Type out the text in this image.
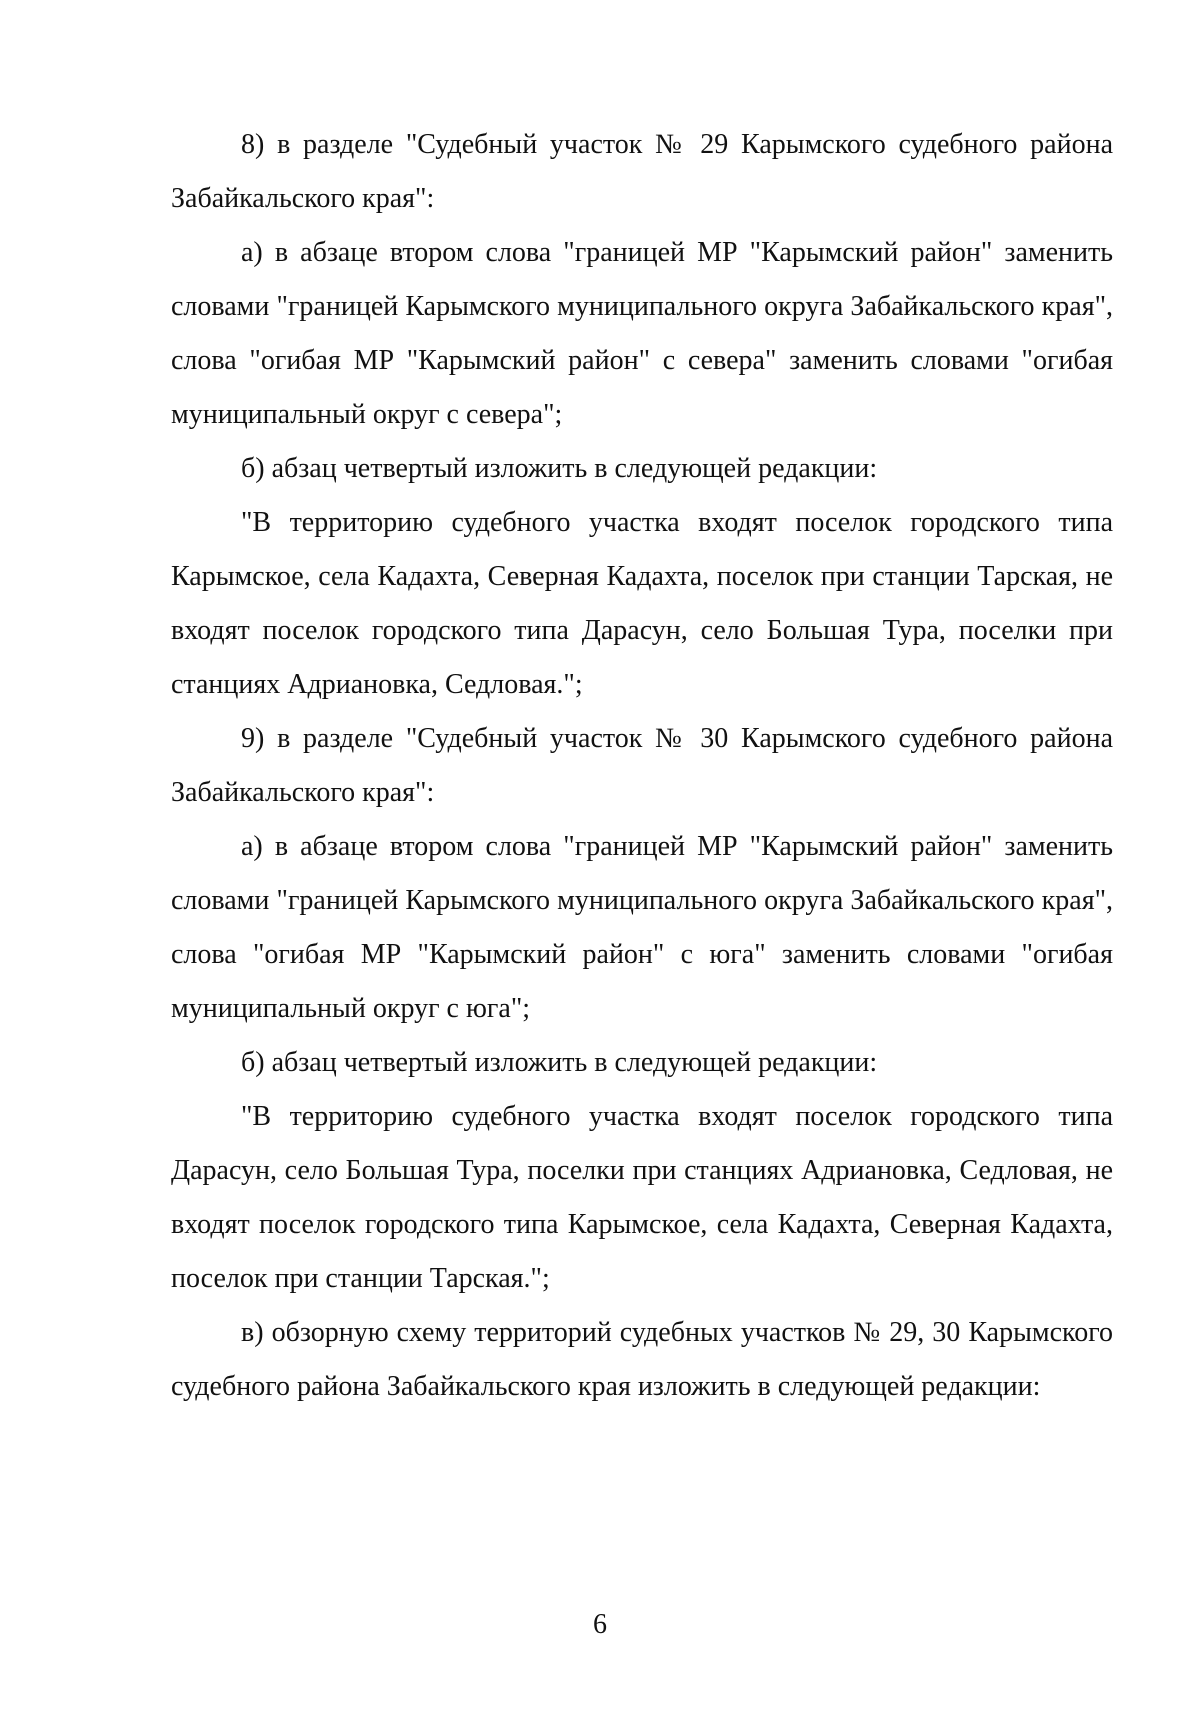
8) в разделе "Судебный участок № 29 Карымского судебного района Забайкальского края":

а) в абзаце втором слова "границей МР "Карымский район" заменить словами "границей Карымского муниципального округа Забайкальского края", слова "огибая МР "Карымский район" с севера" заменить словами "огибая муниципальный округ с севера";

б) абзац четвертый изложить в следующей редакции:

"В территорию судебного участка входят поселок городского типа Карымское, села Кадахта, Северная Кадахта, поселок при станции Тарская, не входят поселок городского типа Дарасун, село Большая Тура, поселки при станциях Адриановка, Седловая.";

9) в разделе "Судебный участок № 30 Карымского судебного района Забайкальского края":

а) в абзаце втором слова "границей МР "Карымский район" заменить словами "границей Карымского муниципального округа Забайкальского края", слова "огибая МР "Карымский район" с юга" заменить словами "огибая муниципальный округ с юга";

б) абзац четвертый изложить в следующей редакции:

"В территорию судебного участка входят поселок городского типа Дарасун, село Большая Тура, поселки при станциях Адриановка, Седловая, не входят поселок городского типа Карымское, села Кадахта, Северная Кадахта, поселок при станции Тарская.";

в) обзорную схему территорий судебных участков № 29, 30 Карымского судебного района Забайкальского края изложить в следующей редакции:

6
